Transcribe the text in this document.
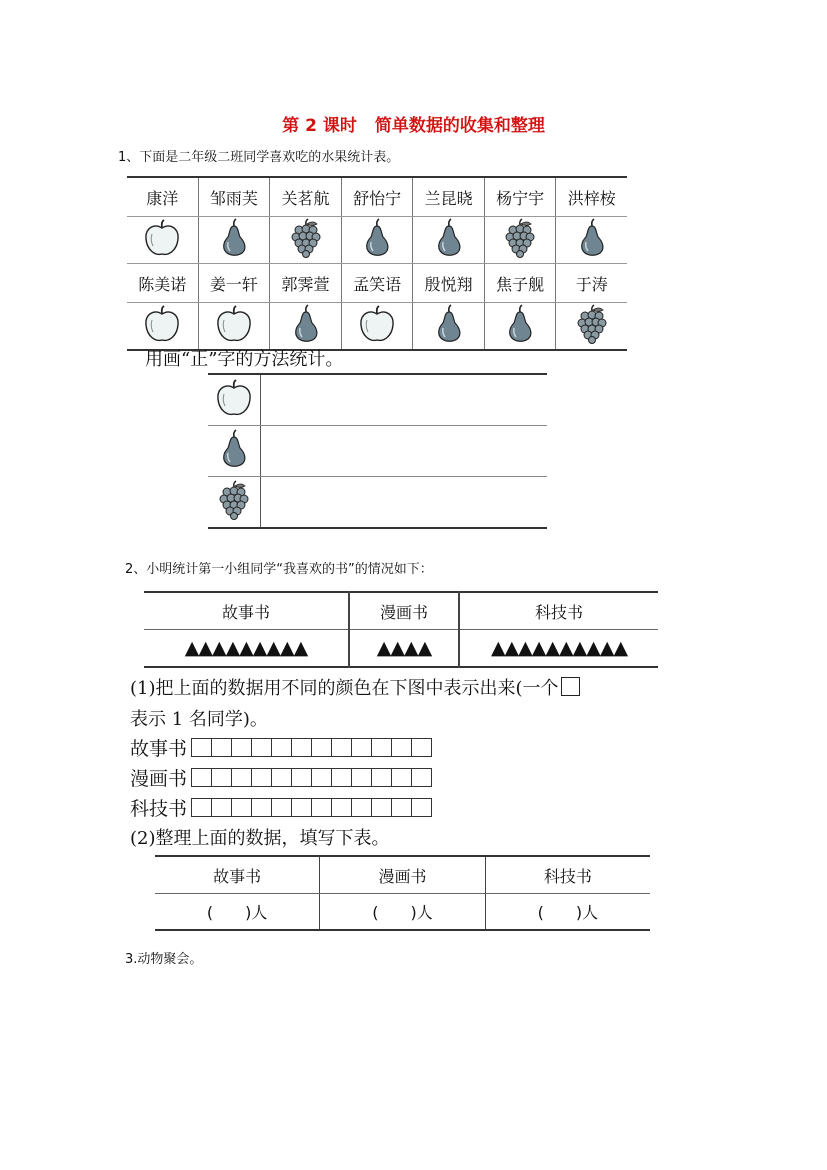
第 2 课时 简单数据的收集和整理
1、下面是二年级二班同学喜欢吃的水果统计表。
康洋	邹雨芙	关茗航	舒怡宁	兰昆晓	杨宁宇	洪梓桉

陈美诺	姜一轩	郭霁萱	孟笑语	殷悦翔	焦子舰	于涛

用画“正”字的方法统计。

2、小明统计第一小组同学“我喜欢的书”的情况如下：
故事书	漫画书	科技书
▲▲▲▲▲▲▲▲▲	▲▲▲▲	▲▲▲▲▲▲▲▲▲▲
(1)把上面的数据用不同的颜色在下图中表示出来(一个
表示 1 名同学)。
故事书
漫画书
科技书
(2)整理上面的数据，填写下表。
故事书	漫画书	科技书
(　　)人	(　　)人	(　　)人
3.动物聚会。
